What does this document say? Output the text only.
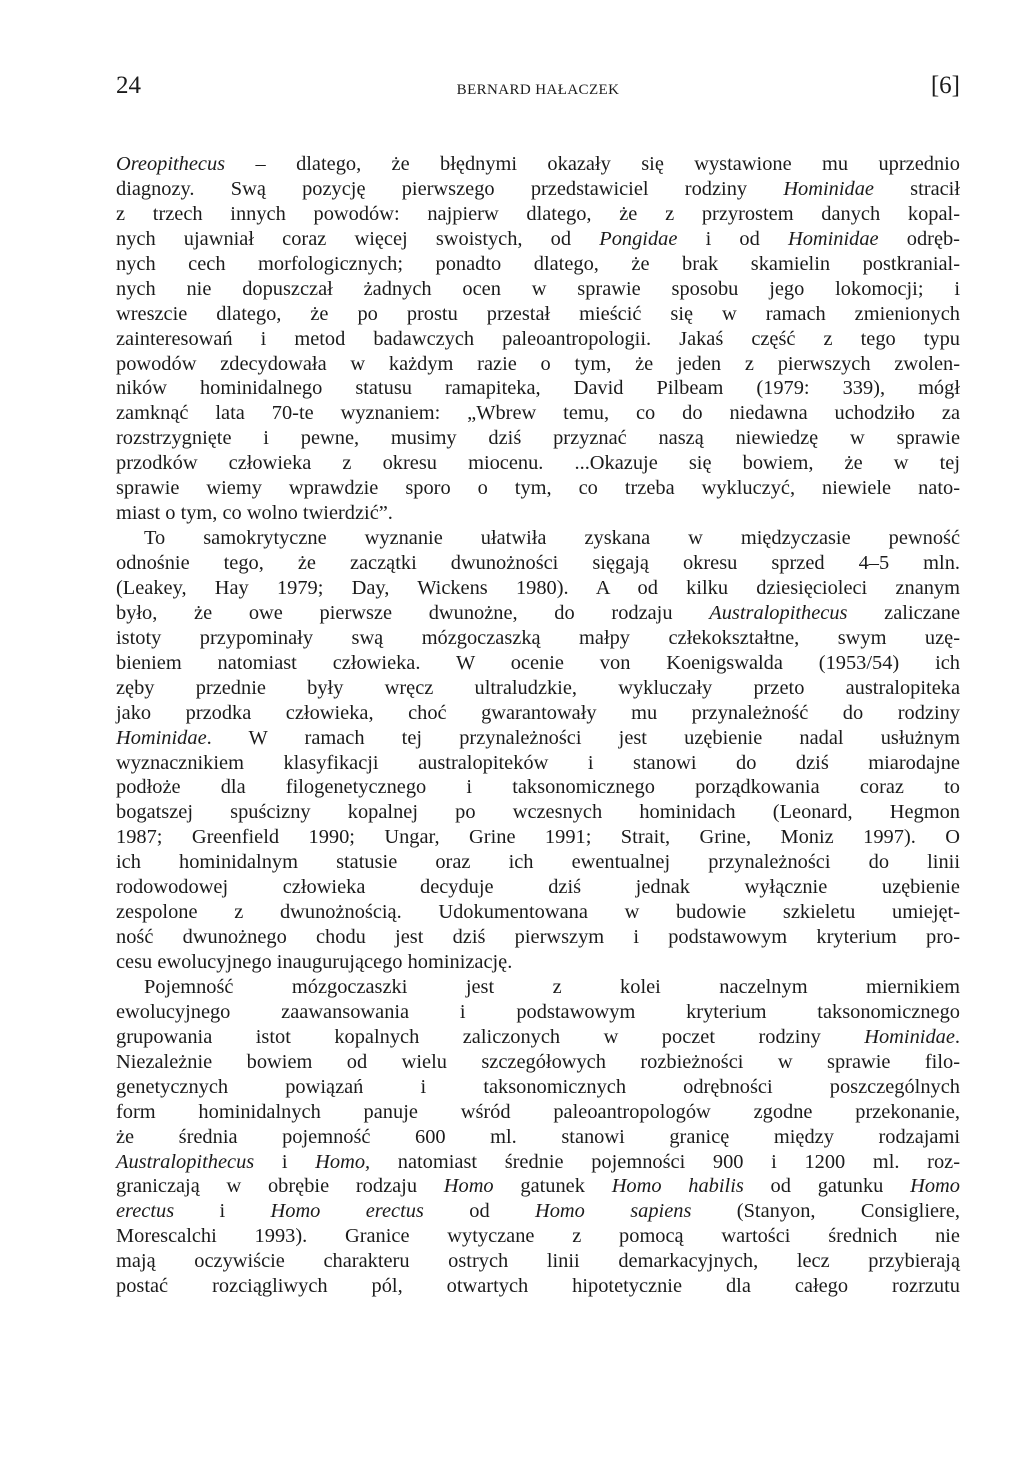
24	BERNARD HAŁACZEK	[6]
Oreopithecus – dlatego, że błędnymi okazały się wystawione mu uprzednio
diagnozy. Swą pozycję pierwszego przedstawiciel rodziny Hominidae stracił
z trzech innych powodów: najpierw dlatego, że z przyrostem danych kopal-
nych ujawniał coraz więcej swoistych, od Pongidae i od Hominidae odręb-
nych cech morfologicznych; ponadto dlatego, że brak skamielin postkranial-
nych nie dopuszczał żadnych ocen w sprawie sposobu jego lokomocji; i
wreszcie dlatego, że po prostu przestał mieścić się w ramach zmienionych
zainteresowań i metod badawczych paleoantropologii. Jakaś część z tego typu
powodów zdecydowała w każdym razie o tym, że jeden z pierwszych zwolen-
ników hominidalnego statusu ramapiteka, David Pilbeam (1979: 339), mógł
zamknąć lata 70-te wyznaniem: „Wbrew temu, co do niedawna uchodziło za
rozstrzygnięte i pewne, musimy dziś przyznać naszą niewiedzę w sprawie
przodków człowieka z okresu miocenu. ...Okazuje się bowiem, że w tej
sprawie wiemy wprawdzie sporo o tym, co trzeba wykluczyć, niewiele nato-
miast o tym, co wolno twierdzić”.
To samokrytyczne wyznanie ułatwiła zyskana w międzyczasie pewność
odnośnie tego, że zaczątki dwunożności sięgają okresu sprzed 4–5 mln.
(Leakey, Hay 1979; Day, Wickens 1980). A od kilku dziesięcioleci znanym
było, że owe pierwsze dwunożne, do rodzaju Australopithecus zaliczane
istoty przypominały swą mózgoczaszką małpy człekokształtne, swym uzę-
bieniem natomiast człowieka. W ocenie von Koenigswalda (1953/54) ich
zęby przednie były wręcz ultraludzkie, wykluczały przeto australopiteka
jako przodka człowieka, choć gwarantowały mu przynależność do rodziny
Hominidae. W ramach tej przynależności jest uzębienie nadal usłużnym
wyznacznikiem klasyfikacji australopiteków i stanowi do dziś miarodajne
podłoże dla filogenetycznego i taksonomicznego porządkowania coraz to
bogatszej spuścizny kopalnej po wczesnych hominidach (Leonard, Hegmon
1987; Greenfield 1990; Ungar, Grine 1991; Strait, Grine, Moniz 1997). O
ich hominidalnym statusie oraz ich ewentualnej przynależności do linii
rodowodowej człowieka decyduje dziś jednak wyłącznie uzębienie
zespolone z dwunożnością. Udokumentowana w budowie szkieletu umiejęt-
ność dwunożnego chodu jest dziś pierwszym i podstawowym kryterium pro-
cesu ewolucyjnego inaugurującego hominizację.
Pojemność mózgoczaszki jest z kolei naczelnym miernikiem
ewolucyjnego zaawansowania i podstawowym kryterium taksonomicznego
grupowania istot kopalnych zaliczonych w poczet rodziny Hominidae.
Niezależnie bowiem od wielu szczegółowych rozbieżności w sprawie filo-
genetycznych powiązań i taksonomicznych odrębności poszczególnych
form hominidalnych panuje wśród paleoantropologów zgodne przekonanie,
że średnia pojemność 600 ml. stanowi granicę między rodzajami
Australopithecus i Homo, natomiast średnie pojemności 900 i 1200 ml. roz-
graniczają w obrębie rodzaju Homo gatunek Homo habilis od gatunku Homo
erectus i Homo erectus od Homo sapiens (Stanyon, Consigliere,
Morescalchi 1993). Granice wytyczane z pomocą wartości średnich nie
mają oczywiście charakteru ostrych linii demarkacyjnych, lecz przybierają
postać rozciągliwych pól, otwartych hipotetycznie dla całego rozrzutu
